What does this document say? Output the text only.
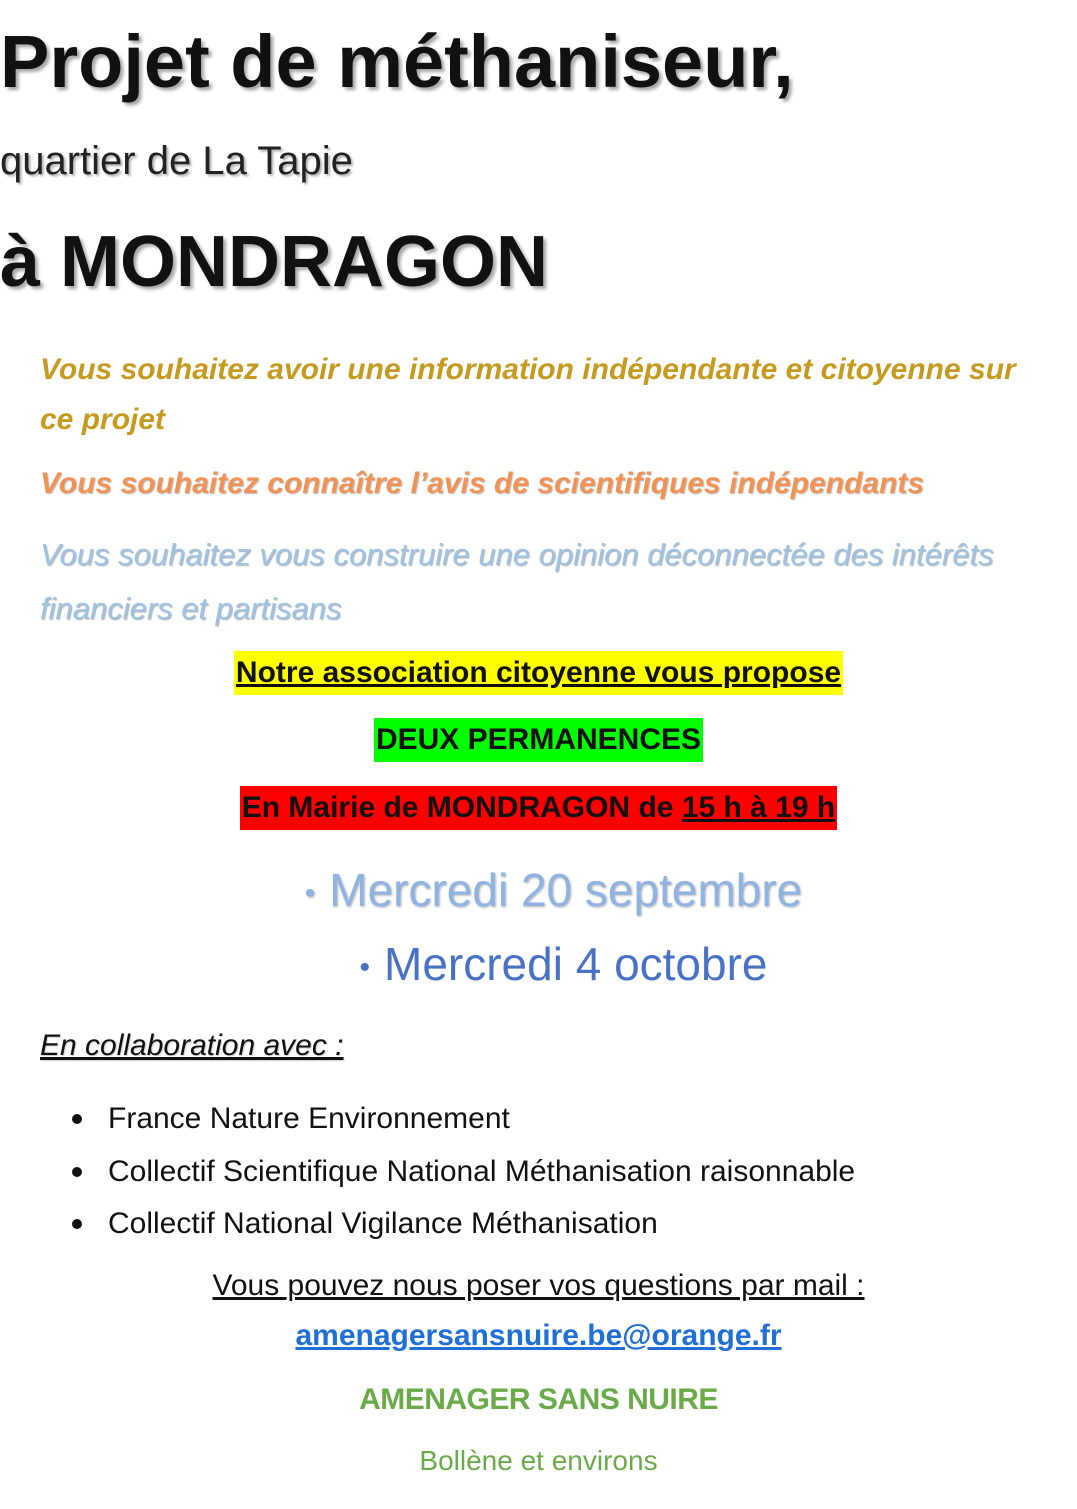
Projet de méthaniseur,
quartier de La Tapie
à MONDRAGON

Vous souhaitez avoir une information indépendante et citoyenne sur ce projet

Vous souhaitez connaître l’avis de scientifiques indépendants

Vous souhaitez vous construire une opinion déconnectée des intérêts financiers et partisans

Notre association citoyenne vous propose
DEUX PERMANENCES
En Mairie de MONDRAGON de 15 h à 19 h
• Mercredi 20 septembre
• Mercredi 4 octobre
En collaboration avec :
France Nature Environnement
Collectif Scientifique National Méthanisation raisonnable
Collectif National Vigilance Méthanisation
Vous pouvez nous poser vos questions par mail :
amenagersansnuire.be@orange.fr
AMENAGER SANS NUIRE
Bollène et environs
